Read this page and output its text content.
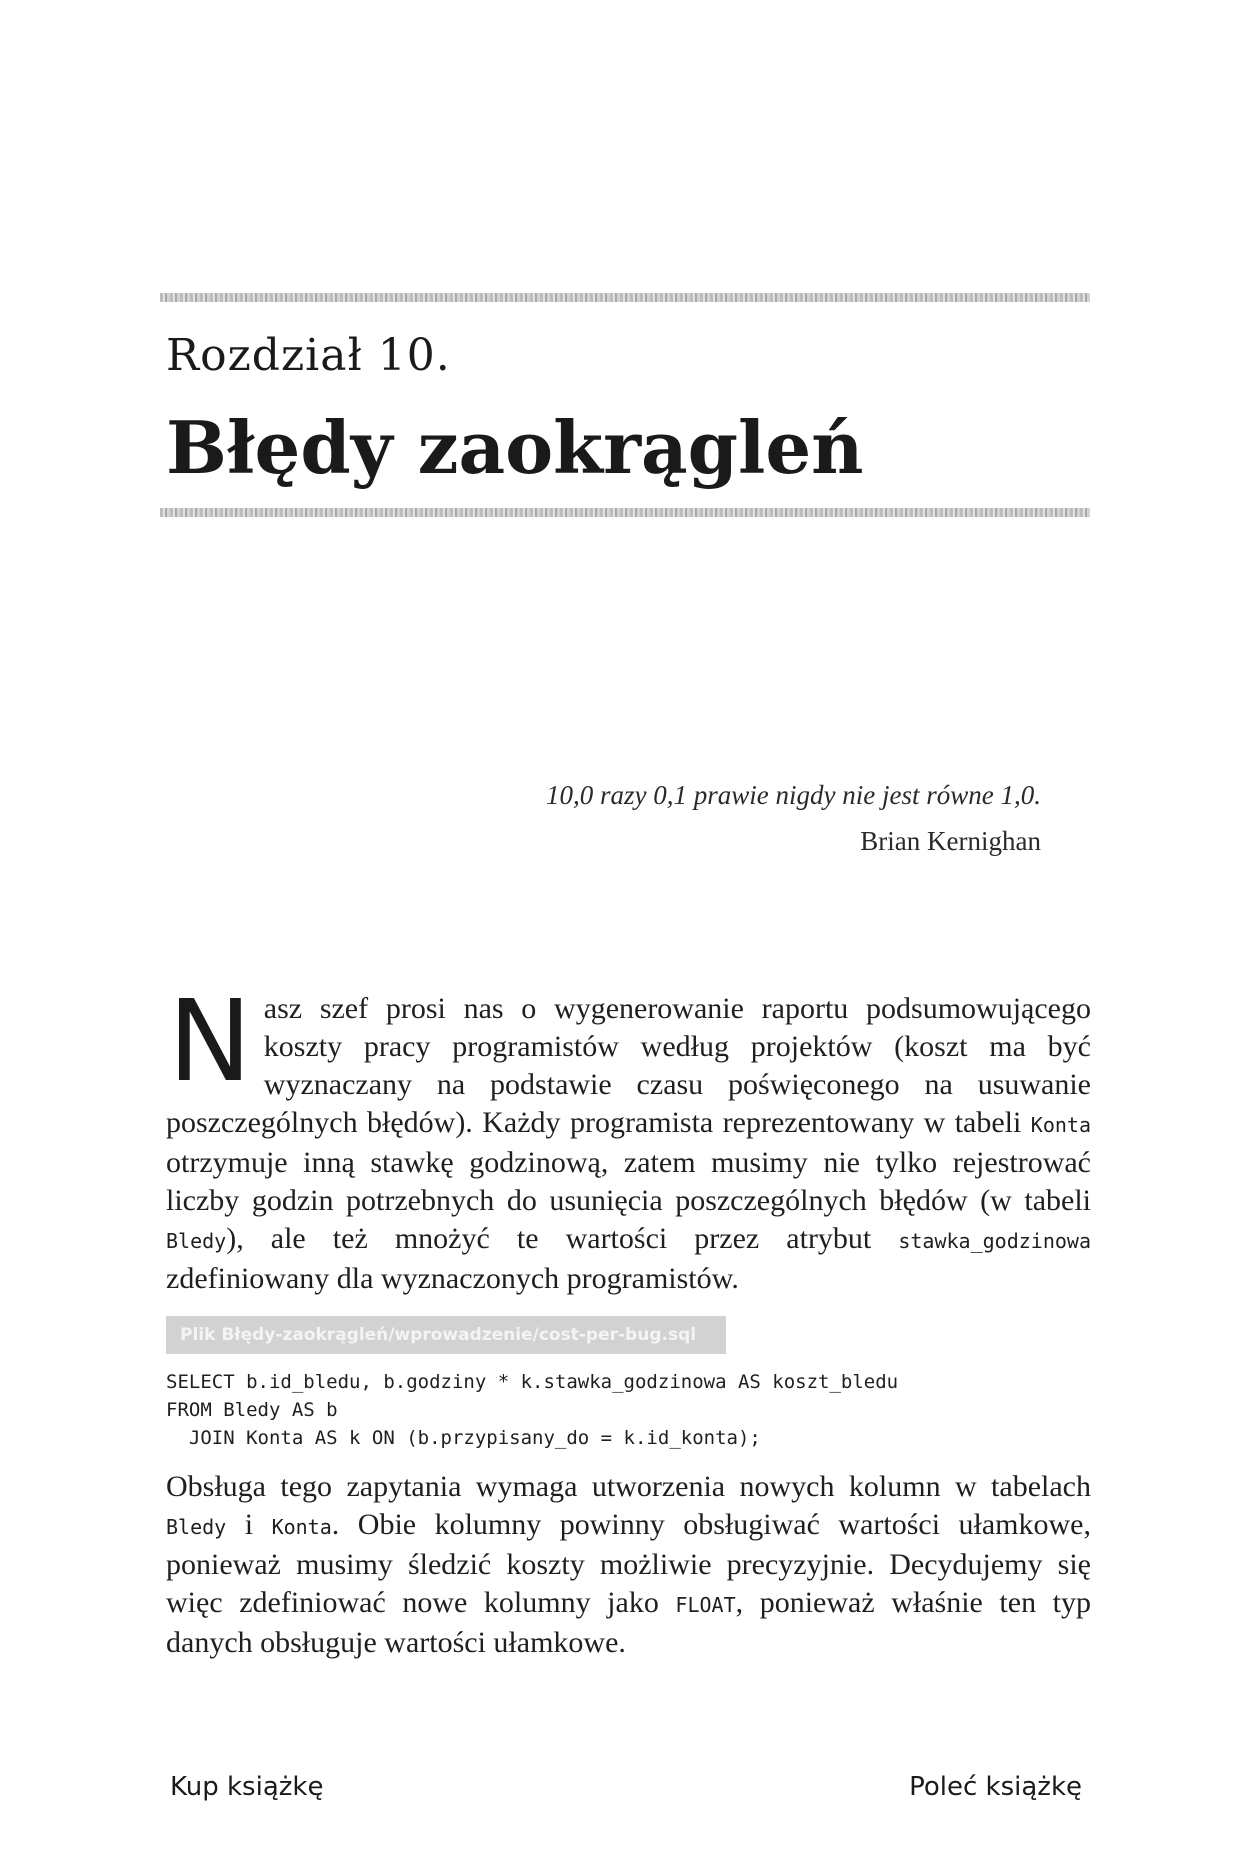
Rozdział 10.
Błędy zaokrągleń
10,0 razy 0,1 prawie nigdy nie jest równe 1,0.
Brian Kernighan

Nasz szef prosi nas o wygenerowanie raportu podsumowującego koszty pracy programistów według projektów (koszt ma być wyznaczany na podstawie czasu poświęconego na usuwanie poszczególnych błędów). Każdy programista reprezentowany w tabeli Konta otrzymuje inną stawkę godzinową, zatem musimy nie tylko rejestrować liczby godzin potrzebnych do usunięcia poszczególnych błędów (w tabeli Bledy), ale też mnożyć te wartości przez atrybut stawka_godzinowa zdefiniowany dla wyznaczonych programistów.

Plik Błędy-zaokrągleń/wprowadzenie/cost-per-bug.sql
SELECT b.id_bledu, b.godziny * k.stawka_godzinowa AS koszt_bledu
FROM Bledy AS b
JOIN Konta AS k ON (b.przypisany_do = k.id_konta);

Obsługa tego zapytania wymaga utworzenia nowych kolumn w tabelach Bledy i Konta. Obie kolumny powinny obsługiwać wartości ułamkowe, ponieważ musimy śledzić koszty możliwie precyzyjnie. Decydujemy się więc zdefiniować nowe kolumny jako FLOAT, ponieważ właśnie ten typ danych obsługuje wartości ułamkowe.

Kup książkę	Poleć książkę
